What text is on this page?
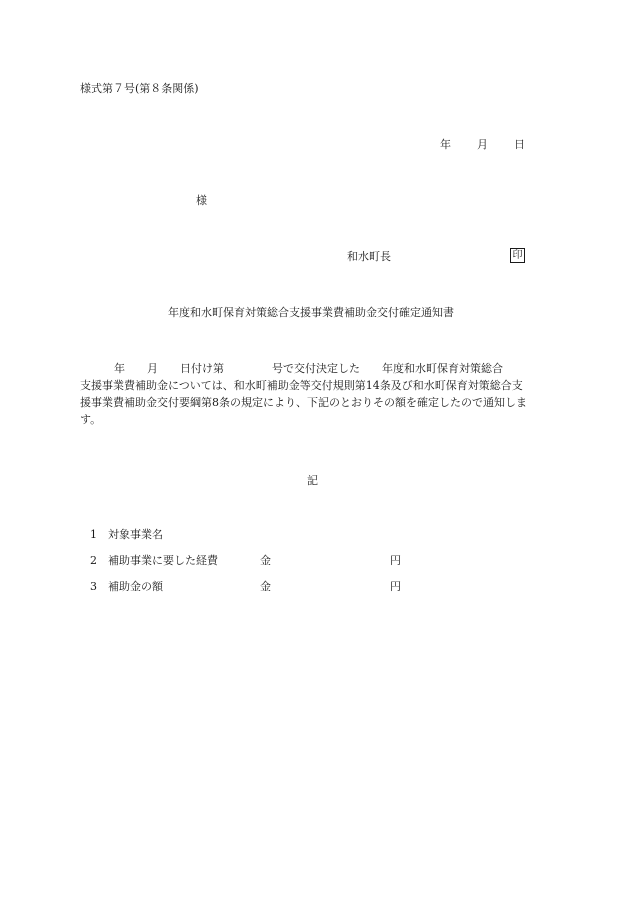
様式第７号(第８条関係)
年 月 日
様
和水町長	印
年度和水町保育対策総合支援事業費補助金交付確定通知書
年 月 日付け第	号で交付決定した 年度和水町保育対策総合
支援事業費補助金については、和水町補助金等交付規則第14条及び和水町保育対策総合支
援事業費補助金交付要綱第8条の規定により、下記のとおりその額を確定したので通知しま
す。
記
1 対象事業名
2 補助事業に要した経費	金	円
3 補助金の額	金	円
